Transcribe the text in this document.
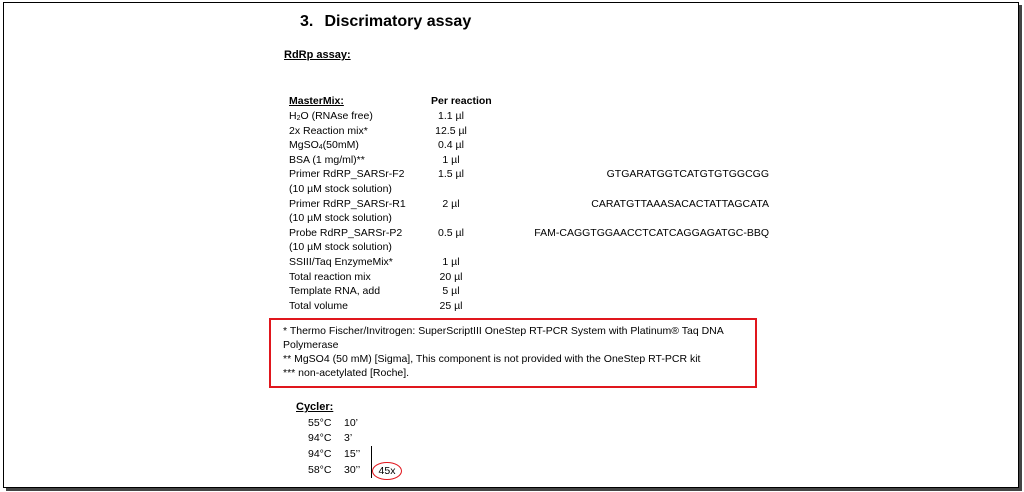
3. Discrimatory assay
RdRp assay:
MasterMix:	Per reaction
H2O (RNAse free)	1.1 µl
2x Reaction mix*	12.5 µl
MgSO4(50mM)	0.4 µl
BSA (1 mg/ml)**	1 µl
Primer RdRP_SARSr-F2	1.5 µl	GTGARATGGTCATGTGTGGCGG
(10 µM stock solution)
Primer RdRP_SARSr-R1	2 µl	CARATGTTAAASACACTATTAGCATA
(10 µM stock solution)
Probe RdRP_SARSr-P2	0.5 µl	FAM-CAGGTGGAACCTCATCAGGAGATGC-BBQ
(10 µM stock solution)
SSIII/Taq EnzymeMix*	1 µl
Total reaction mix	20 µl
Template RNA, add	5 µl
Total volume	25 µl
* Thermo Fischer/Invitrogen: SuperScriptIII OneStep RT-PCR System with Platinum® Taq DNA
Polymerase
** MgSO4 (50 mM) [Sigma], This component is not provided with the OneStep RT-PCR kit
*** non-acetylated [Roche].
Cycler:
55°C 10’
94°C 3’
94°C 15’’
58°C 30’’	45x
